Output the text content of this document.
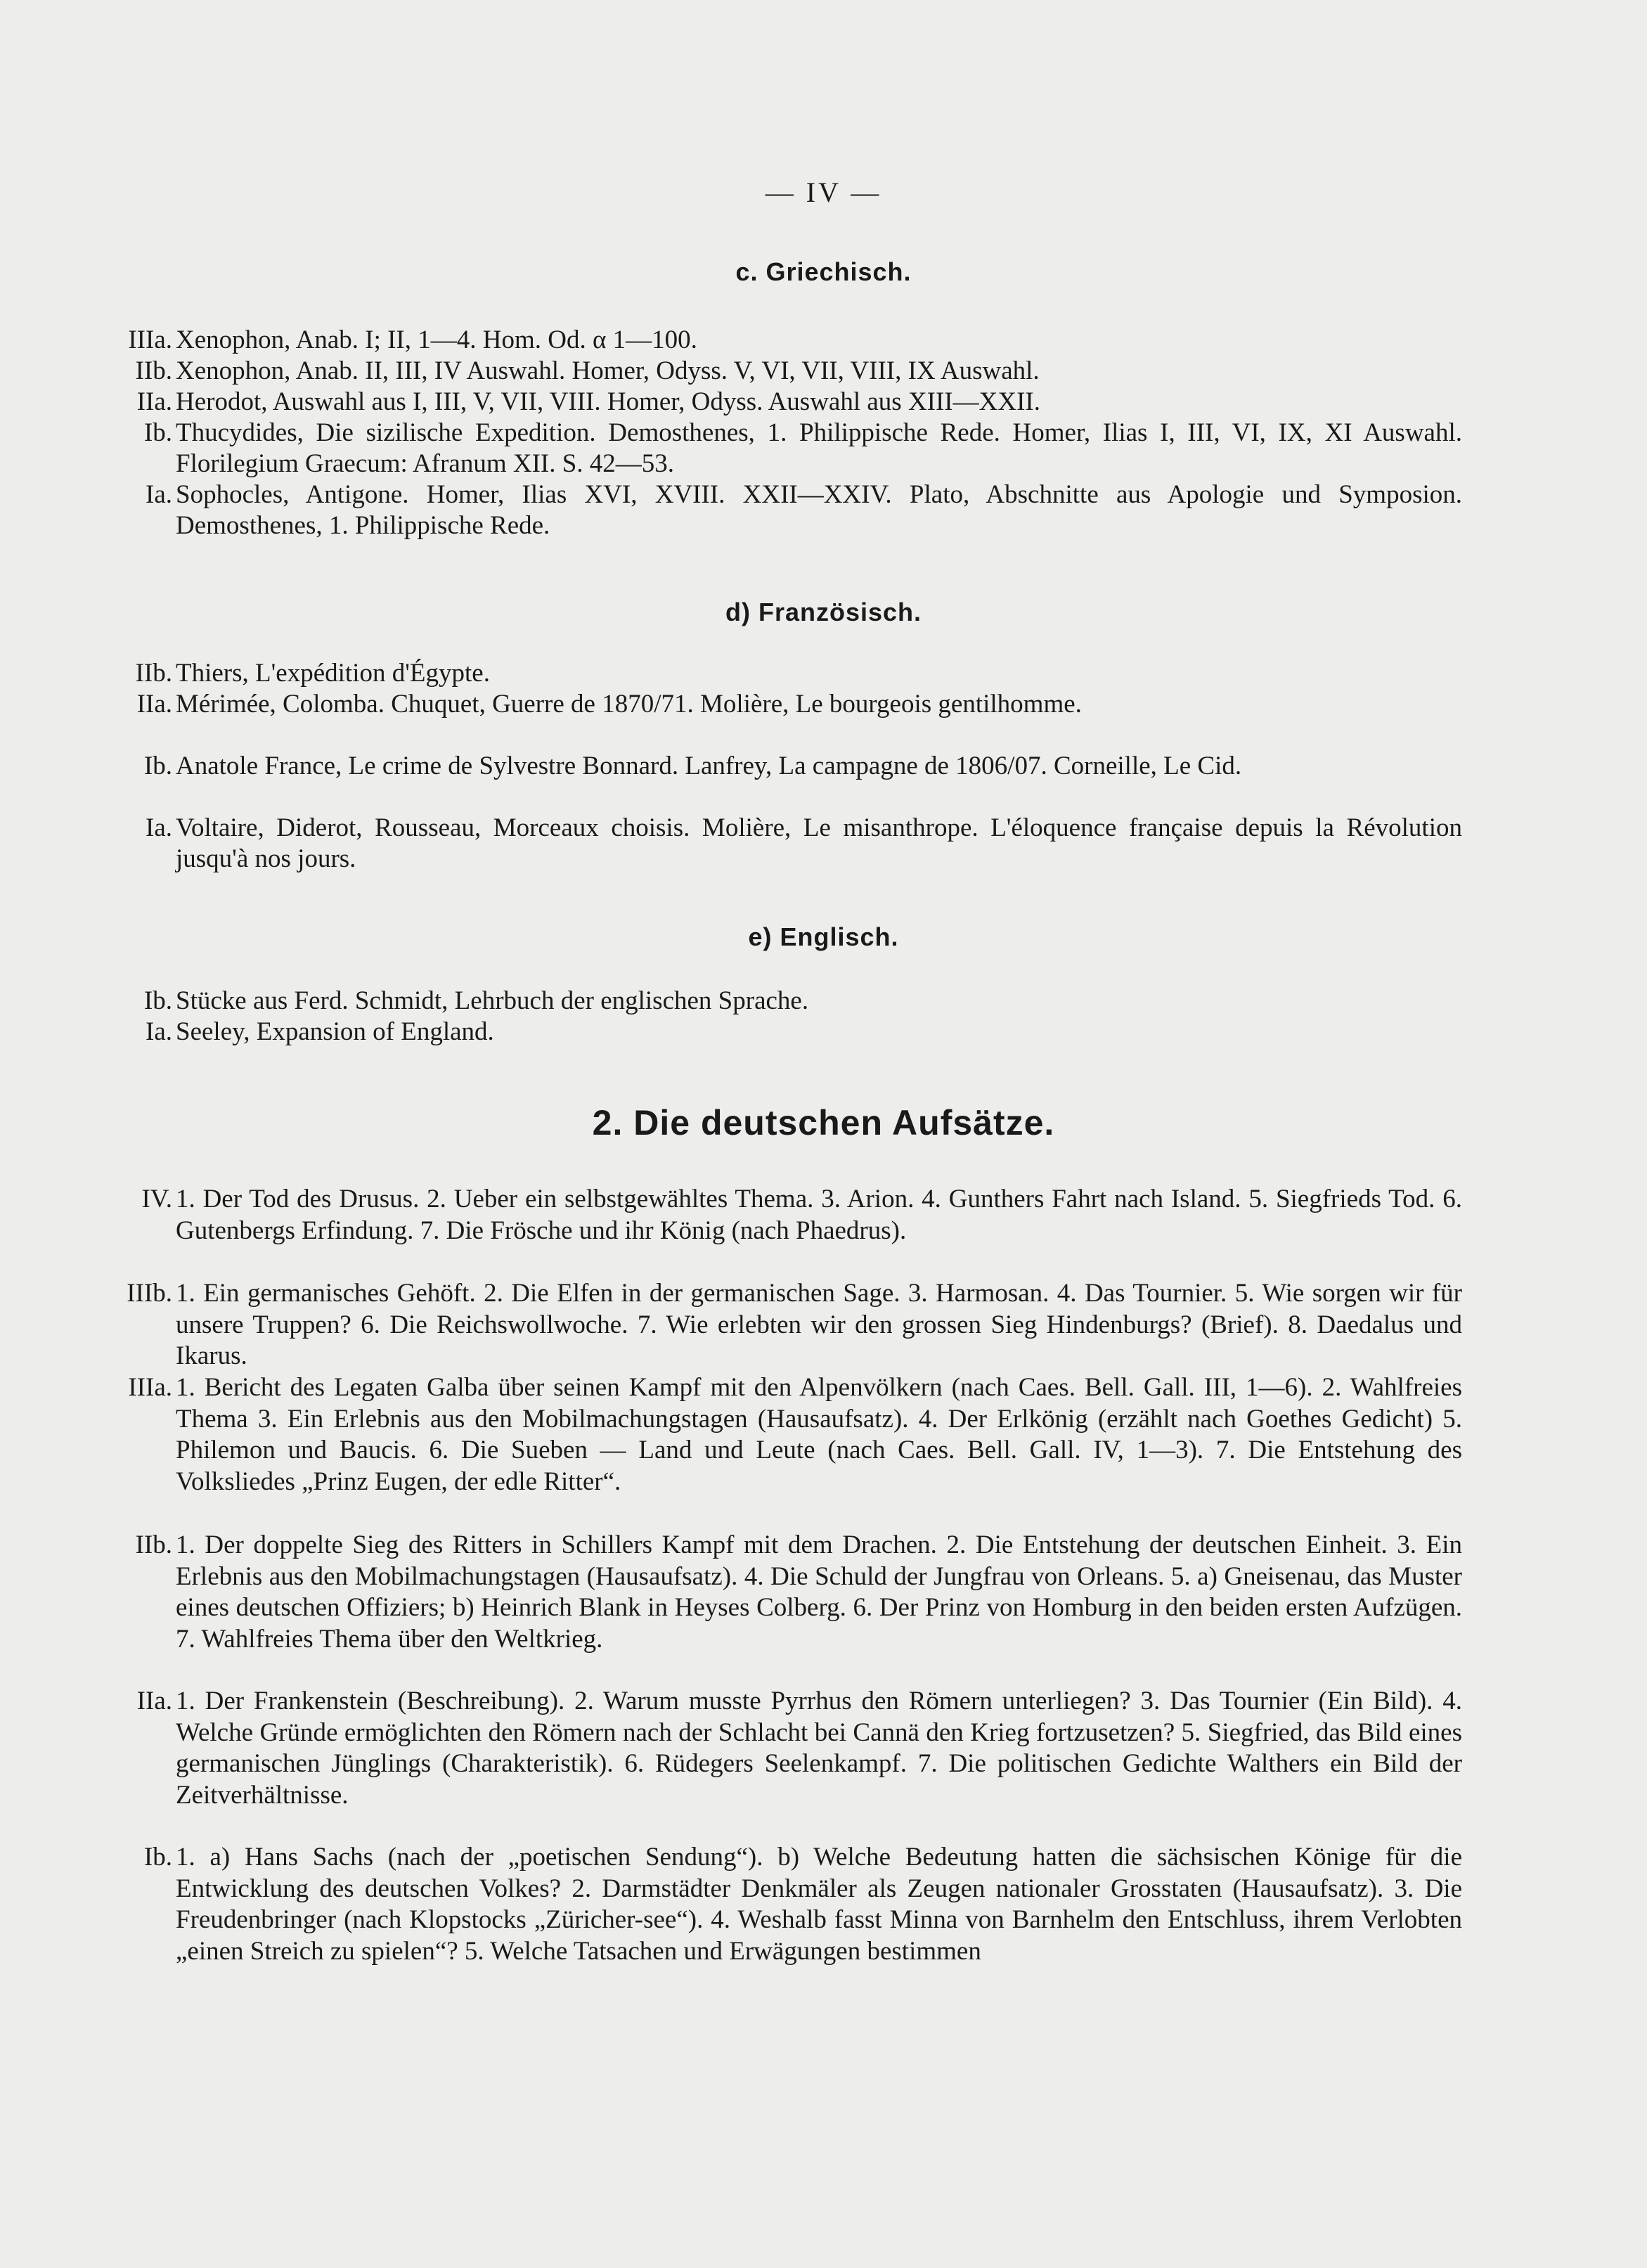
— IV —
c. Griechisch.
IIIa. Xenophon, Anab. I; II, 1—4. Hom. Od. α 1—100.
IIb. Xenophon, Anab. II, III, IV Auswahl. Homer, Odyss. V, VI, VII, VIII, IX Auswahl.
IIa. Herodot, Auswahl aus I, III, V, VII, VIII. Homer, Odyss. Auswahl aus XIII—XXII.
Ib. Thucydides, Die sizilische Expedition. Demosthenes, 1. Philippische Rede. Homer, Ilias I, III, VI, IX, XI Auswahl. Florilegium Graecum: Afranum XII. S. 42—53.
Ia. Sophocles, Antigone. Homer, Ilias XVI, XVIII. XXII—XXIV. Plato, Abschnitte aus Apologie und Symposion. Demosthenes, 1. Philippische Rede.
d) Französisch.
IIb. Thiers, L'expédition d'Égypte.
IIa. Mérimée, Colomba. Chuquet, Guerre de 1870/71. Molière, Le bourgeois gentilhomme.
Ib. Anatole France, Le crime de Sylvestre Bonnard. Lanfrey, La campagne de 1806/07. Corneille, Le Cid.
Ia. Voltaire, Diderot, Rousseau, Morceaux choisis. Molière, Le misanthrope. L'éloquence française depuis la Révolution jusqu'à nos jours.
e) Englisch.
Ib. Stücke aus Ferd. Schmidt, Lehrbuch der englischen Sprache.
Ia. Seeley, Expansion of England.
2. Die deutschen Aufsätze.
IV. 1. Der Tod des Drusus. 2. Ueber ein selbstgewähltes Thema. 3. Arion. 4. Gunthers Fahrt nach Island. 5. Siegfrieds Tod. 6. Gutenbergs Erfindung. 7. Die Frösche und ihr König (nach Phaedrus).
IIIb. 1. Ein germanisches Gehöft. 2. Die Elfen in der germanischen Sage. 3. Harmosan. 4. Das Tournier. 5. Wie sorgen wir für unsere Truppen? 6. Die Reichswollwoche. 7. Wie erlebten wir den grossen Sieg Hindenburgs? (Brief). 8. Daedalus und Ikarus.
IIIa. 1. Bericht des Legaten Galba über seinen Kampf mit den Alpenvölkern (nach Caes. Bell. Gall. III, 1—6). 2. Wahlfreies Thema 3. Ein Erlebnis aus den Mobilmachungstagen (Hausaufsatz). 4. Der Erlkönig (erzählt nach Goethes Gedicht) 5. Philemon und Baucis. 6. Die Sueben — Land und Leute (nach Caes. Bell. Gall. IV, 1—3). 7. Die Entstehung des Volksliedes „Prinz Eugen, der edle Ritter“.
IIb. 1. Der doppelte Sieg des Ritters in Schillers Kampf mit dem Drachen. 2. Die Entstehung der deutschen Einheit. 3. Ein Erlebnis aus den Mobilmachungstagen (Hausaufsatz). 4. Die Schuld der Jungfrau von Orleans. 5. a) Gneisenau, das Muster eines deutschen Offiziers; b) Heinrich Blank in Heyses Colberg. 6. Der Prinz von Homburg in den beiden ersten Aufzügen. 7. Wahlfreies Thema über den Weltkrieg.
IIa. 1. Der Frankenstein (Beschreibung). 2. Warum musste Pyrrhus den Römern unterliegen? 3. Das Tournier (Ein Bild). 4. Welche Gründe ermöglichten den Römern nach der Schlacht bei Cannä den Krieg fortzusetzen? 5. Siegfried, das Bild eines germanischen Jünglings (Charakteristik). 6. Rüdegers Seelenkampf. 7. Die politischen Gedichte Walthers ein Bild der Zeitverhältnisse.
Ib. 1. a) Hans Sachs (nach der „poetischen Sendung“). b) Welche Bedeutung hatten die sächsischen Könige für die Entwicklung des deutschen Volkes? 2. Darmstädter Denkmäler als Zeugen nationaler Grosstaten (Hausaufsatz). 3. Die Freudenbringer (nach Klopstocks „Züricher-see“). 4. Weshalb fasst Minna von Barnhelm den Entschluss, ihrem Verlobten „einen Streich zu spielen“? 5. Welche Tatsachen und Erwägungen bestimmen
